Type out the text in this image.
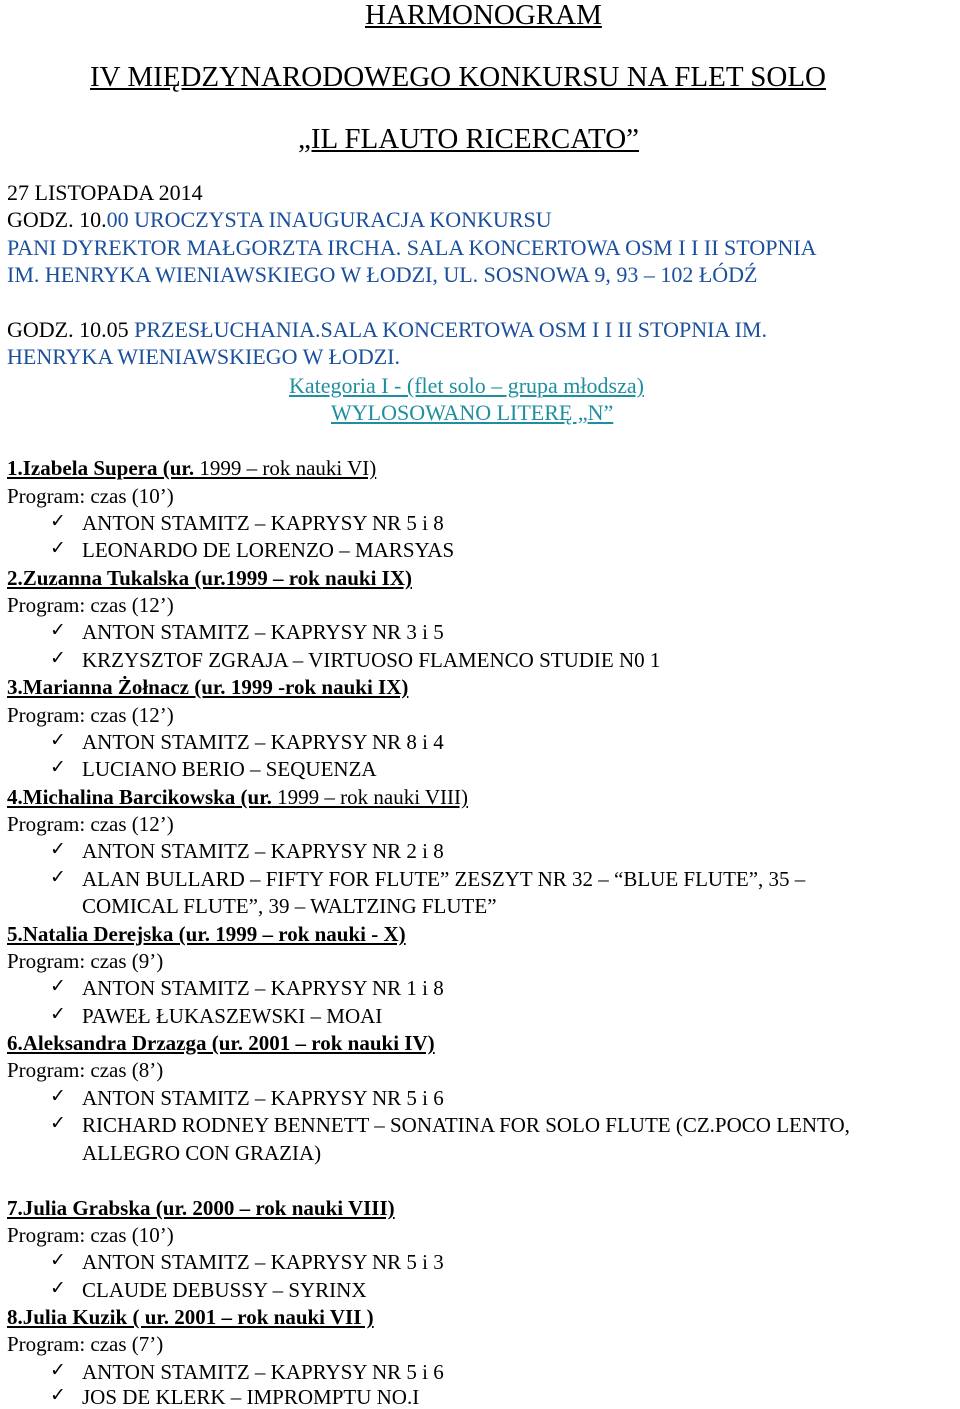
HARMONOGRAM
IV MIĘDZYNARODOWEGO KONKURSU NA FLET SOLO
„IL FLAUTO RICERCATO”
27 LISTOPADA 2014
GODZ. 10.00 UROCZYSTA INAUGURACJA KONKURSU
PANI DYREKTOR MAŁGORZTA IRCHA. SALA KONCERTOWA OSM I I II STOPNIA
IM. HENRYKA WIENIAWSKIEGO W ŁODZI, UL. SOSNOWA 9, 93 – 102 ŁÓDŹ
GODZ. 10.05 PRZESŁUCHANIA.SALA KONCERTOWA OSM I I II STOPNIA IM.
HENRYKA WIENIAWSKIEGO W ŁODZI.
Kategoria I - (flet solo – grupa młodsza)
WYLOSOWANO LITERĘ „N”
1.Izabela Supera (ur. 1999 – rok nauki VI)
Program: czas (10’)
✓ ANTON STAMITZ – KAPRYSY NR 5 i 8
✓ LEONARDO DE LORENZO – MARSYAS
2.Zuzanna Tukalska (ur.1999 – rok nauki IX)
Program: czas (12’)
✓ ANTON STAMITZ – KAPRYSY NR 3 i 5
✓ KRZYSZTOF ZGRAJA – VIRTUOSO FLAMENCO STUDIE N0 1
3.Marianna Żołnacz (ur. 1999 -rok nauki IX)
Program: czas (12’)
✓ ANTON STAMITZ – KAPRYSY NR 8 i 4
✓ LUCIANO BERIO – SEQUENZA
4.Michalina Barcikowska (ur. 1999 – rok nauki VIII)
Program: czas (12’)
✓ ANTON STAMITZ – KAPRYSY NR 2 i 8
✓ ALAN BULLARD – FIFTY FOR FLUTE” ZESZYT NR 32 – “BLUE FLUTE”, 35 –
COMICAL FLUTE”, 39 – WALTZING FLUTE”
5.Natalia Derejska (ur. 1999 – rok nauki - X)
Program: czas (9’)
✓ ANTON STAMITZ – KAPRYSY NR 1 i 8
✓ PAWEŁ ŁUKASZEWSKI – MOAI
6.Aleksandra Drzazga (ur. 2001 – rok nauki IV)
Program: czas (8’)
✓ ANTON STAMITZ – KAPRYSY NR 5 i 6
✓ RICHARD RODNEY BENNETT – SONATINA FOR SOLO FLUTE (CZ.POCO LENTO,
ALLEGRO CON GRAZIA)
7.Julia Grabska (ur. 2000 – rok nauki VIII)
Program: czas (10’)
✓ ANTON STAMITZ – KAPRYSY NR 5 i 3
✓ CLAUDE DEBUSSY – SYRINX
8.Julia Kuzik ( ur. 2001 – rok nauki VII )
Program: czas (7’)
✓ ANTON STAMITZ – KAPRYSY NR 5 i 6
✓ JOS DE KLERK – IMPROMPTU NO.I
